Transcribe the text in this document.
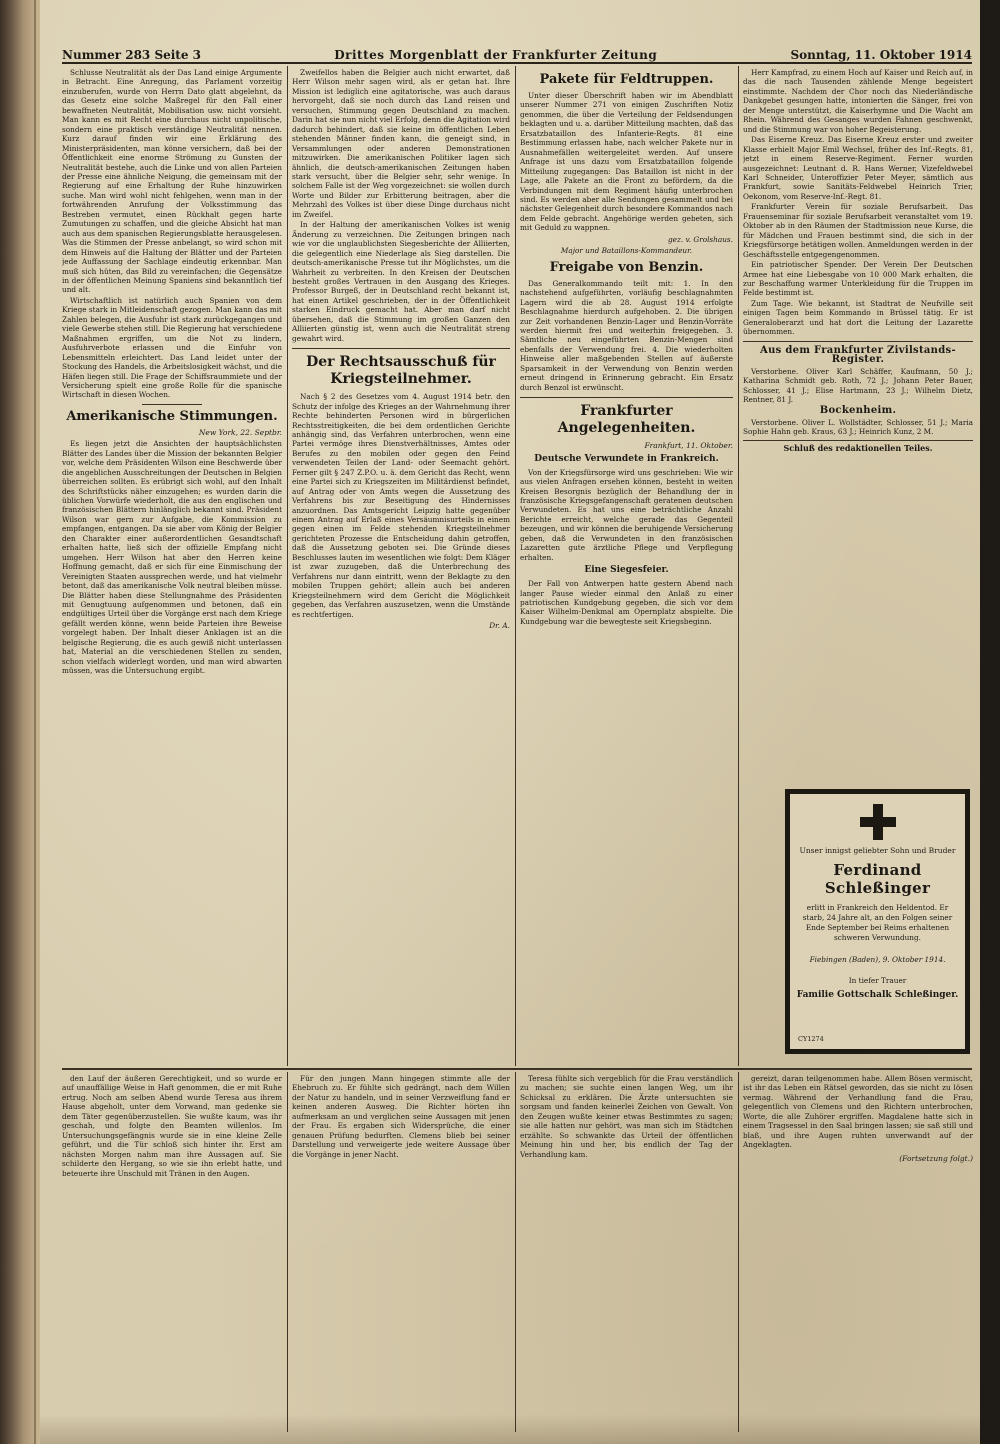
Nummer 283 Seite 3	Drittes Morgenblatt der Frankfurter Zeitung	Sonntag, 11. Oktober 1914

Schlusse Neutralität als der Das Land einige Argumente in Betracht. Eine Anregung, das Parlament vorzeitig einzuberufen, wurde von Herrn Dato glatt abgelehnt, da das Gesetz eine solche Maßregel für den Fall einer bewaffneten Neutralität, Mobilisation usw. nicht vorsieht. Man kann es mit Recht eine durchaus nicht unpolitische, sondern eine praktisch verständige Neutralität nennen. Kurz darauf finden wir eine Erklärung des Ministerpräsidenten, man könne versichern, daß bei der Öffentlichkeit eine enorme Strömung zu Gunsten der Neutralität bestehe, auch die Linke und von allen Parteien der Presse eine ähnliche Neigung, die gemeinsam mit der Regierung auf eine Erhaltung der Ruhe hinzuwirken suche. Man wird wohl nicht fehlgehen, wenn man in der fortwährenden Anrufung der Volksstimmung das Bestreben vermutet, einen Rückhalt gegen harte Zumutungen zu schaffen, und die gleiche Absicht hat man auch aus dem spanischen Regierungsblatte herausgelesen. Was die Stimmen der Presse anbelangt, so wird schon mit dem Hinweis auf die Haltung der Blätter und der Parteien jede Auffassung der Sachlage eindeutig erkennbar. Man muß sich hüten, das Bild zu vereinfachen; die Gegensätze in der öffentlichen Meinung Spaniens sind bekanntlich tief und alt.

Wirtschaftlich ist natürlich auch Spanien von dem Kriege stark in Mitleidenschaft gezogen. Man kann das mit Zahlen belegen, die Ausfuhr ist stark zurückgegangen und viele Gewerbe stehen still. Die Regierung hat verschiedene Maßnahmen ergriffen, um die Not zu lindern, Ausfuhrverbote erlassen und die Einfuhr von Lebensmitteln erleichtert. Das Land leidet unter der Stockung des Handels, die Arbeitslosigkeit wächst, und die Häfen liegen still. Die Frage der Schiffsraummiete und der Versicherung spielt eine große Rolle für die spanische Wirtschaft in diesen Wochen.

Amerikanische Stimmungen.
New York, 22. Septbr.

Es liegen jetzt die Ansichten der hauptsächlichsten Blätter des Landes über die Mission der bekannten Belgier vor, welche dem Präsidenten Wilson eine Beschwerde über die angeblichen Ausschreitungen der Deutschen in Belgien überreichen sollten. Es erübrigt sich wohl, auf den Inhalt des Schriftstücks näher einzugehen; es wurden darin die üblichen Vorwürfe wiederholt, die aus den englischen und französischen Blättern hinlänglich bekannt sind. Präsident Wilson war gern zur Aufgabe, die Kommission zu empfangen, entgangen. Da sie aber vom König der Belgier den Charakter einer außerordentlichen Gesandtschaft erhalten hatte, ließ sich der offizielle Empfang nicht umgehen. Herr Wilson hat aber den Herren keine Hoffnung gemacht, daß er sich für eine Einmischung der Vereinigten Staaten aussprechen werde, und hat vielmehr betont, daß das amerikanische Volk neutral bleiben müsse. Die Blätter haben diese Stellungnahme des Präsidenten mit Genugtuung aufgenommen und betonen, daß ein endgültiges Urteil über die Vorgänge erst nach dem Kriege gefällt werden könne, wenn beide Parteien ihre Beweise vorgelegt haben. Der Inhalt dieser Anklagen ist an die belgische Regierung, die es auch gewiß nicht unterlassen hat, Material an die verschiedenen Stellen zu senden, schon vielfach widerlegt worden, und man wird abwarten müssen, was die Untersuchung ergibt.

Zweifellos haben die Belgier auch nicht erwartet, daß Herr Wilson mehr sagen wird, als er getan hat. Ihre Mission ist lediglich eine agitatorische, was auch daraus hervorgeht, daß sie noch durch das Land reisen und versuchen, Stimmung gegen Deutschland zu machen. Darin hat sie nun nicht viel Erfolg, denn die Agitation wird dadurch behindert, daß sie keine im öffentlichen Leben stehenden Männer finden kann, die geneigt sind, in Versammlungen oder anderen Demonstrationen mitzuwirken. Die amerikanischen Politiker lagen sich ähnlich, die deutsch-amerikanischen Zeitungen haben stark versucht, über die Belgier sehr, sehr wenige. In solchem Falle ist der Weg vorgezeichnet: sie wollen durch Worte und Bilder zur Erbitterung beitragen, aber die Mehrzahl des Volkes ist über diese Dinge durchaus nicht im Zweifel.

In der Haltung der amerikanischen Volkes ist wenig Änderung zu verzeichnen. Die Zeitungen bringen nach wie vor die unglaublichsten Siegesberichte der Alliierten, die gelegentlich eine Niederlage als Sieg darstellen. Die deutsch-amerikanische Presse tut ihr Möglichstes, um die Wahrheit zu verbreiten. In den Kreisen der Deutschen besteht großes Vertrauen in den Ausgang des Krieges. Professor Burgeß, der in Deutschland recht bekannt ist, hat einen Artikel geschrieben, der in der Öffentlichkeit starken Eindruck gemacht hat. Aber man darf nicht übersehen, daß die Stimmung im großen Ganzen den Alliierten günstig ist, wenn auch die Neutralität streng gewahrt wird.

Der Rechtsausschuß für Kriegsteilnehmer.

Nach § 2 des Gesetzes vom 4. August 1914 betr. den Schutz der infolge des Krieges an der Wahrnehmung ihrer Rechte behinderten Personen wird in bürgerlichen Rechtsstreitigkeiten, die bei dem ordentlichen Gerichte anhängig sind, das Verfahren unterbrochen, wenn eine Partei vermöge ihres Dienstverhältnisses, Amtes oder Berufes zu den mobilen oder gegen den Feind verwendeten Teilen der Land- oder Seemacht gehört. Ferner gilt § 247 Z.P.O. u. ä. dem Gericht das Recht, wenn eine Partei sich zu Kriegszeiten im Militärdienst befindet, auf Antrag oder von Amts wegen die Aussetzung des Verfahrens bis zur Beseitigung des Hindernisses anzuordnen. Das Amtsgericht Leipzig hatte gegenüber einem Antrag auf Erlaß eines Versäumnisurteils in einem gegen einen im Felde stehenden Kriegsteilnehmer gerichteten Prozesse die Entscheidung dahin getroffen, daß die Aussetzung geboten sei. Die Gründe dieses Beschlusses lauten im wesentlichen wie folgt: Dem Kläger ist zwar zuzugeben, daß die Unterbrechung des Verfahrens nur dann eintritt, wenn der Beklagte zu den mobilen Truppen gehört; allein auch bei anderen Kriegsteilnehmern wird dem Gericht die Möglichkeit gegeben, das Verfahren auszusetzen, wenn die Umstände es rechtfertigen.

Dr. A.
Pakete für Feldtruppen.

Unter dieser Überschrift haben wir im Abendblatt unserer Nummer 271 von einigen Zuschriften Notiz genommen, die über die Verteilung der Feldsendungen beklagten und u. a. darüber Mitteilung machten, daß das Ersatzbataillon des Infanterie-Regts. 81 eine Bestimmung erlassen habe, nach welcher Pakete nur in Ausnahmefällen weitergeleitet werden. Auf unsere Anfrage ist uns dazu vom Ersatzbataillon folgende Mitteilung zugegangen: Das Bataillon ist nicht in der Lage, alle Pakete an die Front zu befördern, da die Verbindungen mit dem Regiment häufig unterbrochen sind. Es werden aber alle Sendungen gesammelt und bei nächster Gelegenheit durch besondere Kommandos nach dem Felde gebracht. Angehörige werden gebeten, sich mit Geduld zu wappnen.

gez. v. Grolshaus.
Major und Bataillons-Kommandeur.
Freigabe von Benzin.

Das Generalkommando teilt mit: 1. In den nachstehend aufgeführten, vorläufig beschlagnahmten Lagern wird die ab 28. August 1914 erfolgte Beschlagnahme hierdurch aufgehoben. 2. Die übrigen zur Zeit vorhandenen Benzin-Lager und Benzin-Vorräte werden hiermit frei und weiterhin freigegeben. 3. Sämtliche neu eingeführten Benzin-Mengen sind ebenfalls der Verwendung frei. 4. Die wiederholten Hinweise aller maßgebenden Stellen auf äußerste Sparsamkeit in der Verwendung von Benzin werden erneut dringend in Erinnerung gebracht. Ein Ersatz durch Benzol ist erwünscht.

Frankfurter Angelegenheiten.
Frankfurt, 11. Oktober.
Deutsche Verwundete in Frankreich.

Von der Kriegsfürsorge wird uns geschrieben: Wie wir aus vielen Anfragen ersehen können, besteht in weiten Kreisen Besorgnis bezüglich der Behandlung der in französische Kriegsgefangenschaft geratenen deutschen Verwundeten. Es hat uns eine beträchtliche Anzahl Berichte erreicht, welche gerade das Gegenteil bezeugen, und wir können die beruhigende Versicherung geben, daß die Verwundeten in den französischen Lazaretten gute ärztliche Pflege und Verpflegung erhalten.

Eine Siegesfeier.

Der Fall von Antwerpen hatte gestern Abend nach langer Pause wieder einmal den Anlaß zu einer patriotischen Kundgebung gegeben, die sich vor dem Kaiser Wilhelm-Denkmal am Opernplatz abspielte. Die Kundgebung war die bewegteste seit Kriegsbeginn.

Herr Kampfrad, zu einem Hoch auf Kaiser und Reich auf, in das die nach Tausenden zählende Menge begeistert einstimmte. Nachdem der Chor noch das Niederländische Dankgebet gesungen hatte, intonierten die Sänger, frei von der Menge unterstützt, die Kaiserhymne und Die Wacht am Rhein. Während des Gesanges wurden Fahnen geschwenkt, und die Stimmung war von hoher Begeisterung.

Das Eiserne Kreuz. Das Eiserne Kreuz erster und zweiter Klasse erhielt Major Emil Wechsel, früher des Inf.-Regts. 81, jetzt in einem Reserve-Regiment. Ferner wurden ausgezeichnet: Leutnant d. R. Hans Werner, Vizefeldwebel Karl Schneider, Unteroffizier Peter Meyer, sämtlich aus Frankfurt, sowie Sanitäts-Feldwebel Heinrich Trier, Oekonom, vom Reserve-Inf.-Regt. 81.

Frankfurter Verein für soziale Berufsarbeit. Das Frauenseminar für soziale Berufsarbeit veranstaltet vom 19. Oktober ab in den Räumen der Stadtmission neue Kurse, die für Mädchen und Frauen bestimmt sind, die sich in der Kriegsfürsorge betätigen wollen. Anmeldungen werden in der Geschäftsstelle entgegengenommen.

Ein patriotischer Spender. Der Verein Der Deutschen Armee hat eine Liebesgabe von 10 000 Mark erhalten, die zur Beschaffung warmer Unterkleidung für die Truppen im Felde bestimmt ist.

Zum Tage. Wie bekannt, ist Stadtrat de Neufville seit einigen Tagen beim Kommando in Brüssel tätig. Er ist Generaloberarzt und hat dort die Leitung der Lazarette übernommen.

Aus dem Frankfurter Zivilstands-Register.

Verstorbene. Oliver Karl Schäffer, Kaufmann, 50 J.; Katharina Schmidt geb. Roth, 72 J.; Johann Peter Bauer, Schlosser, 41 J.; Elise Hartmann, 23 J.; Wilhelm Dietz, Rentner, 81 J.

Bockenheim.

Verstorbene. Oliver L. Wollstädter, Schlosser, 51 J.; Maria Sophie Hahn geb. Kraus, 63 J.; Heinrich Kunz, 2 M.

Schluß des redaktionellen Teiles.
Unser innigst geliebter Sohn und Bruder
Ferdinand Schleßinger
erlitt in Frankreich den Heldentod. Er starb, 24 Jahre alt, an den Folgen seiner Ende September bei Reims erhaltenen schweren Verwundung.
Fiebingen (Baden), 9. Oktober 1914.
In tiefer Trauer
Familie Gottschalk Schleßinger.
CY1274

den Lauf der äußeren Gerechtigkeit, und so wurde er auf unauffällige Weise in Haft genommen, die er mit Ruhe ertrug. Noch am selben Abend wurde Teresa aus ihrem Hause abgeholt, unter dem Vorwand, man gedenke sie dem Täter gegenüberzustellen. Sie wußte kaum, was ihr geschah, und folgte den Beamten willenlos. Im Untersuchungsgefängnis wurde sie in eine kleine Zelle geführt, und die Tür schloß sich hinter ihr. Erst am nächsten Morgen nahm man ihre Aussagen auf. Sie schilderte den Hergang, so wie sie ihn erlebt hatte, und beteuerte ihre Unschuld mit Tränen in den Augen.

Für den jungen Mann hingegen stimmte alle der Ehebruch zu. Er fühlte sich gedrängt, nach dem Willen der Natur zu handeln, und in seiner Verzweiflung fand er keinen anderen Ausweg. Die Richter hörten ihn aufmerksam an und verglichen seine Aussagen mit jenen der Frau. Es ergaben sich Widersprüche, die einer genauen Prüfung bedurften. Clemens blieb bei seiner Darstellung und verweigerte jede weitere Aussage über die Vorgänge in jener Nacht.

Teresa fühlte sich vergeblich für die Frau verständlich zu machen; sie suchte einen langen Weg, um ihr Schicksal zu erklären. Die Ärzte untersuchten sie sorgsam und fanden keinerlei Zeichen von Gewalt. Von den Zeugen wußte keiner etwas Bestimmtes zu sagen; sie alle hatten nur gehört, was man sich im Städtchen erzählte. So schwankte das Urteil der öffentlichen Meinung hin und her, bis endlich der Tag der Verhandlung kam.

gereizt, daran teilgenommen habe. Allem Bösen vermischt, ist ihr das Leben ein Rätsel geworden, das sie nicht zu lösen vermag. Während der Verhandlung fand die Frau, gelegentlich von Clemens und den Richtern unterbrochen, Worte, die alle Zuhörer ergriffen. Magdalene hatte sich in einem Tragsessel in den Saal bringen lassen; sie saß still und blaß, und ihre Augen ruhten unverwandt auf der Angeklagten.

(Fortsetzung folgt.)
